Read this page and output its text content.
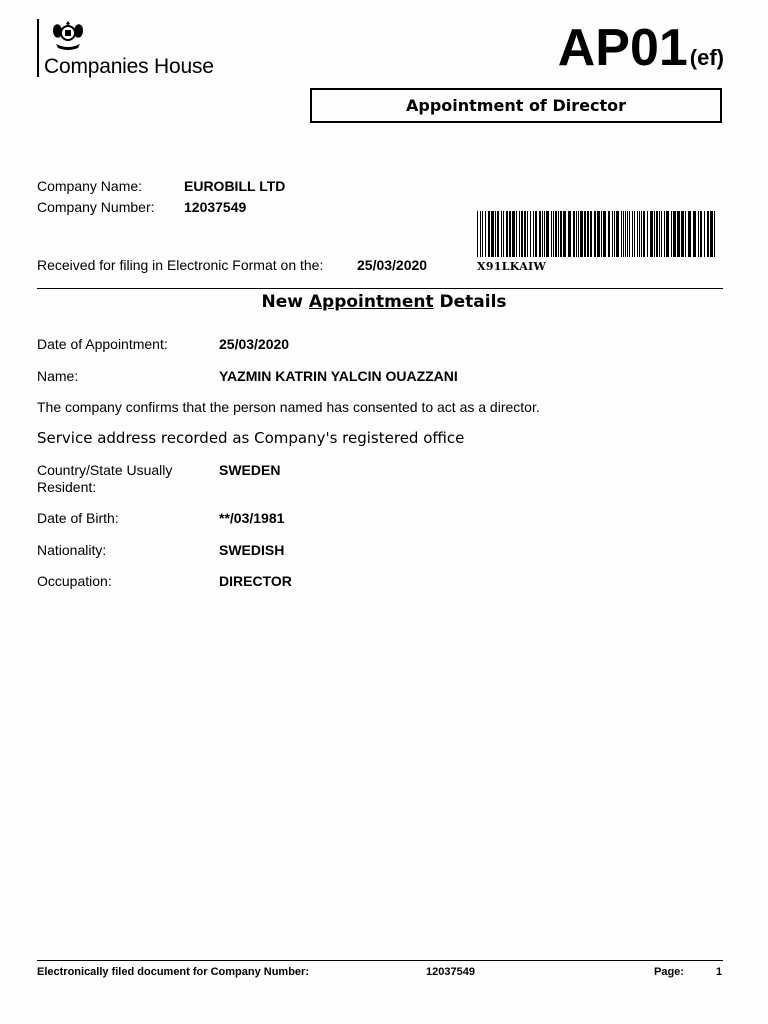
Companies House	AP01(ef)
Appointment of Director
Company Name:	EUROBILL LTD
Company Number: 12037549
Received for filing in Electronic Format on the: 25/03/2020	X91LKAIW
New Appointment Details
Date of Appointment:	25/03/2020
Name:	YAZMIN KATRIN YALCIN OUAZZANI
The company confirms that the person named has consented to act as a director.
Service address recorded as Company's registered office
Country/State Usually
Resident:
SWEDEN
Date of Birth:	**/03/1981
Nationality:	SWEDISH
Occupation:	DIRECTOR
Electronically filed document for Company Number:	12037549	Page:	1
